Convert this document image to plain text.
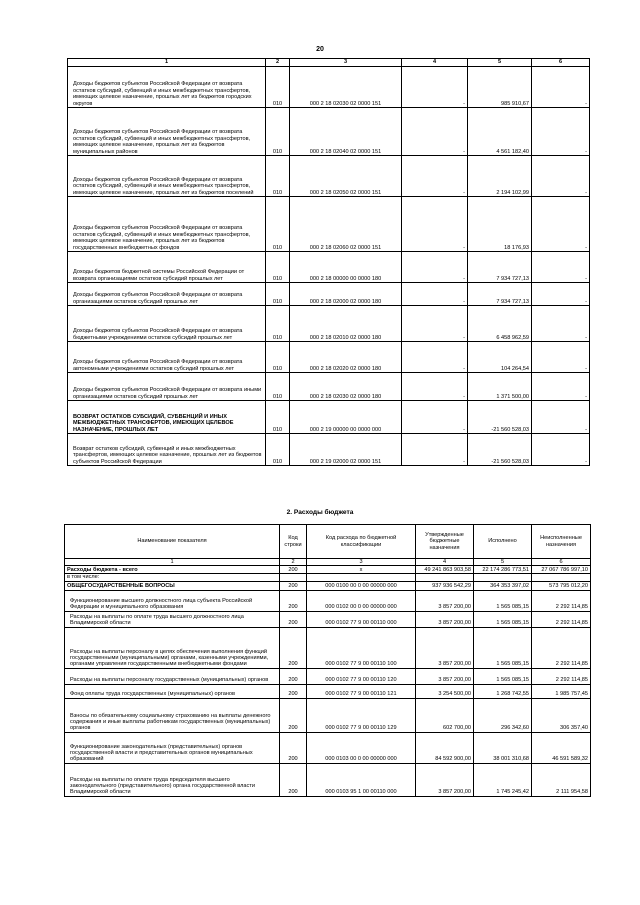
20
1	2	3	4	5	6
Доходы бюджетов субъектов Российской Федерации от возврата остатков субсидий, субвенций и иных межбюджетных трансфертов, имеющих целевое назначение, прошлых лет из бюджетов городских округов	010	000 2 18 02030 02 0000 151	-	985 910,67	-
Доходы бюджетов субъектов Российской Федерации от возврата остатков субсидий, субвенций и иных межбюджетных трансфертов, имеющих целевое назначение, прошлых лет из бюджетов муниципальных районов	010	000 2 18 02040 02 0000 151	-	4 561 182,40	-
Доходы бюджетов субъектов Российской Федерации от возврата остатков субсидий, субвенций и иных межбюджетных трансфертов, имеющих целевое назначение, прошлых лет из бюджетов поселений	010	000 2 18 02050 02 0000 151	-	2 194 102,99	-
Доходы бюджетов субъектов Российской Федерации от возврата остатков субсидий, субвенций и иных межбюджетных трансфертов, имеющих целевое назначение, прошлых лет из бюджетов государственных внебюджетных фондов	010	000 2 18 02060 02 0000 151	-	18 176,93	-
Доходы бюджетов бюджетной системы Российской Федерации от возврата организациями остатков субсидий прошлых лет	010	000 2 18 00000 00 0000 180	-	7 934 727,13	-
Доходы бюджетов субъектов Российской Федерации от возврата организациями остатков субсидий прошлых лет	010	000 2 18 02000 02 0000 180	-	7 934 727,13	-
Доходы бюджетов субъектов Российской Федерации от возврата бюджетными учреждениями остатков субсидий прошлых лет	010	000 2 18 02010 02 0000 180	-	6 458 962,59	-
Доходы бюджетов субъектов Российской Федерации от возврата автономными учреждениями остатков субсидий прошлых лет	010	000 2 18 02020 02 0000 180	-	104 264,54	-
Доходы бюджетов субъектов Российской Федерации от возврата иными организациями остатков субсидий прошлых лет	010	000 2 18 02030 02 0000 180	-	1 371 500,00	-
ВОЗВРАТ ОСТАТКОВ СУБСИДИЙ, СУБВЕНЦИЙ И ИНЫХ МЕЖБЮДЖЕТНЫХ ТРАНСФЕРТОВ, ИМЕЮЩИХ ЦЕЛЕВОЕ НАЗНАЧЕНИЕ, ПРОШЛЫХ ЛЕТ	010	000 2 19 00000 00 0000 000	-	-21 560 528,03	-
Возврат остатков субсидий, субвенций и иных межбюджетных трансфертов, имеющих целевое назначение, прошлых лет из бюджетов субъектов Российской Федерации	010	000 2 19 02000 02 0000 151	-	-21 560 528,03	-
2. Расходы бюджета
Наименование показателя	Код строки	Код расхода по бюджетной классификации	Утвержденные бюджетные назначения	Исполнено	Неисполненные назначения
1	2	3	4	5	6
Расходы бюджета - всего	200	x	49 241 863 903,58	22 174 286 773,51	27 067 786 997,10
в том числе:					
ОБЩЕГОСУДАРСТВЕННЫЕ ВОПРОСЫ	200	000 0100 00 0 00 00000 000	937 936 542,29	364 353 397,02	573 795 012,20
Функционирование высшего должностного лица субъекта Российской Федерации и муниципального образования	200	000 0102 00 0 00 00000 000	3 857 200,00	1 565 085,15	2 292 114,85
Расходы на выплаты по оплате труда высшего должностного лица Владимирской области	200	000 0102 77 9 00 00110 000	3 857 200,00	1 565 085,15	2 292 114,85
Расходы на выплаты персоналу в целях обеспечения выполнения функций государственными (муниципальными) органами, казенными учреждениями, органами управления государственными внебюджетными фондами	200	000 0102 77 9 00 00110 100	3 857 200,00	1 565 085,15	2 292 114,85
Расходы на выплаты персоналу государственных (муниципальных) органов	200	000 0102 77 9 00 00110 120	3 857 200,00	1 565 085,15	2 292 114,85
Фонд оплаты труда государственных (муниципальных) органов	200	000 0102 77 9 00 00110 121	3 254 500,00	1 268 742,55	1 985 757,45
Взносы по обязательному социальному страхованию на выплаты денежного содержания и иные выплаты работникам государственных (муниципальных) органов	200	000 0102 77 9 00 00110 129	602 700,00	296 342,60	306 357,40
Функционирование законодательных (представительных) органов государственной власти и представительных органов муниципальных образований	200	000 0103 00 0 00 00000 000	84 592 900,00	38 001 310,68	46 591 589,32
Расходы на выплаты по оплате труда председателя высшего законодательного (представительного) органа государственной власти Владимирской области	200	000 0103 95 1 00 00110 000	3 857 200,00	1 745 245,42	2 111 954,58
